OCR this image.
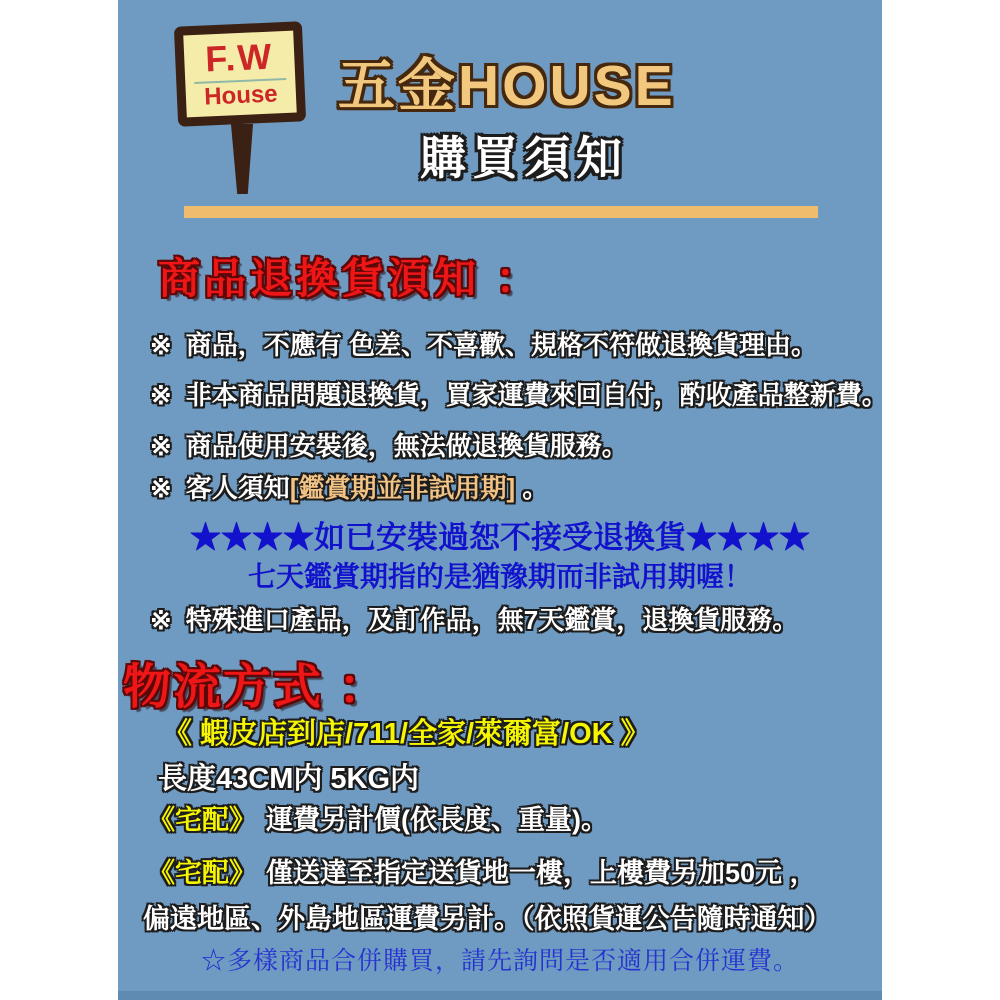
F.W
House 五金HOUSE
購買須知
商品退換貨湏知 ：
※ 商品，不應有 色差、不喜歡、規格不符做退換貨理由。
※ 非本商品問題退換貨，買家運費來回自付，酌收產品整新費。
※ 商品使用安裝後，無法做退換貨服務。
※ 客人須知[鑑賞期並非試用期] 。
★★★★如已安裝過恕不接受退換貨★★★★
七天鑑賞期指的是猶豫期而非試用期喔！
※ 特殊進口產品，及訂作品，無7天鑑賞，退換貨服務。
物流方式 ：
《 蝦皮店到店/711/全家/萊爾富/OK 》
長度43CM内 5KG内
《宅配》 運費另計價(依長度、重量)。
《宅配》 僅送達至指定送貨地一樓，上樓費另加50元 ，
偏遠地區、外島地區運費另計。（依照貨運公告隨時通知）
☆多樣商品合併購買，請先詢問是否適用合併運費。
